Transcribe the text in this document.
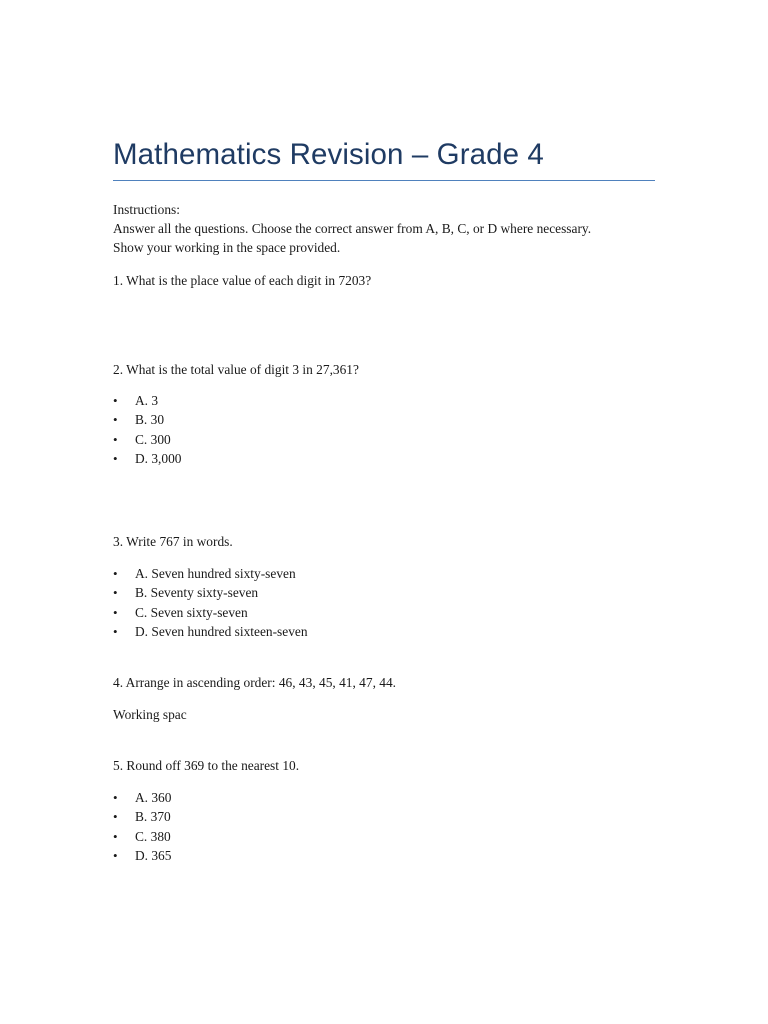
Mathematics Revision – Grade 4
Instructions:
Answer all the questions. Choose the correct answer from A, B, C, or D where necessary.
Show your working in the space provided.
1. What is the place value of each digit in 7203?
2. What is the total value of digit 3 in 27,361?
•	A. 3
•	B. 30
•	C. 300
•	D. 3,000
3. Write 767 in words.
•	A. Seven hundred sixty-seven
•	B. Seventy sixty-seven
•	C. Seven sixty-seven
•	D. Seven hundred sixteen-seven
4. Arrange in ascending order: 46, 43, 45, 41, 47, 44.
Working spac
5. Round off 369 to the nearest 10.
•	A. 360
•	B. 370
•	C. 380
•	D. 365
